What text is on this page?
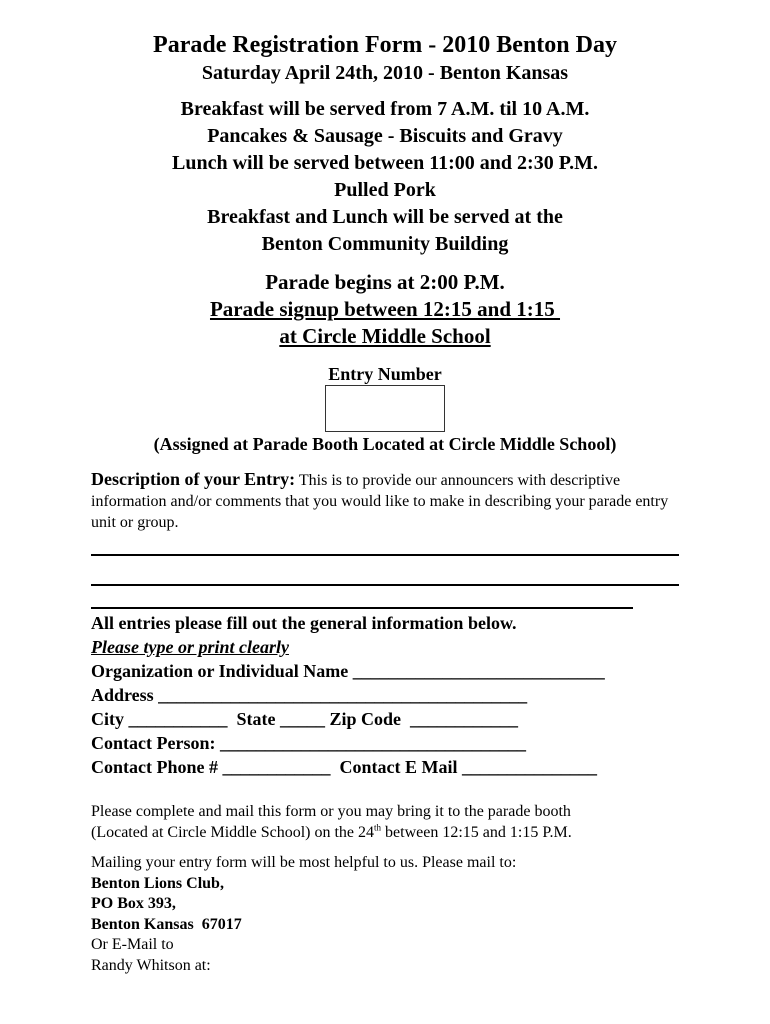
Parade Registration Form - 2010 Benton Day
Saturday April 24th, 2010 - Benton Kansas
Breakfast will be served from 7 A.M. til 10 A.M.
Pancakes & Sausage - Biscuits and Gravy
Lunch will be served between 11:00 and 2:30 P.M.
Pulled Pork
Breakfast and Lunch will be served at the
Benton Community Building
Parade begins at 2:00 P.M.
Parade signup between 12:15 and 1:15
at Circle Middle School
Entry Number
(Assigned at Parade Booth Located at Circle Middle School)
Description of your Entry: This is to provide our announcers with descriptive information and/or comments that you would like to make in describing your parade entry unit or group.
All entries please fill out the general information below.
Please type or print clearly
Organization or Individual Name ____________________________
Address _________________________________________
City ___________  State _____ Zip Code  ____________
Contact Person: __________________________________
Contact Phone # ____________  Contact E Mail _______________
Please complete and mail this form or you may bring it to the parade booth
(Located at Circle Middle School) on the 24th between 12:15 and 1:15 P.M.
Mailing your entry form will be most helpful to us. Please mail to:
Benton Lions Club,
PO Box 393,
Benton Kansas  67017
Or E-Mail to
Randy Whitson at:
